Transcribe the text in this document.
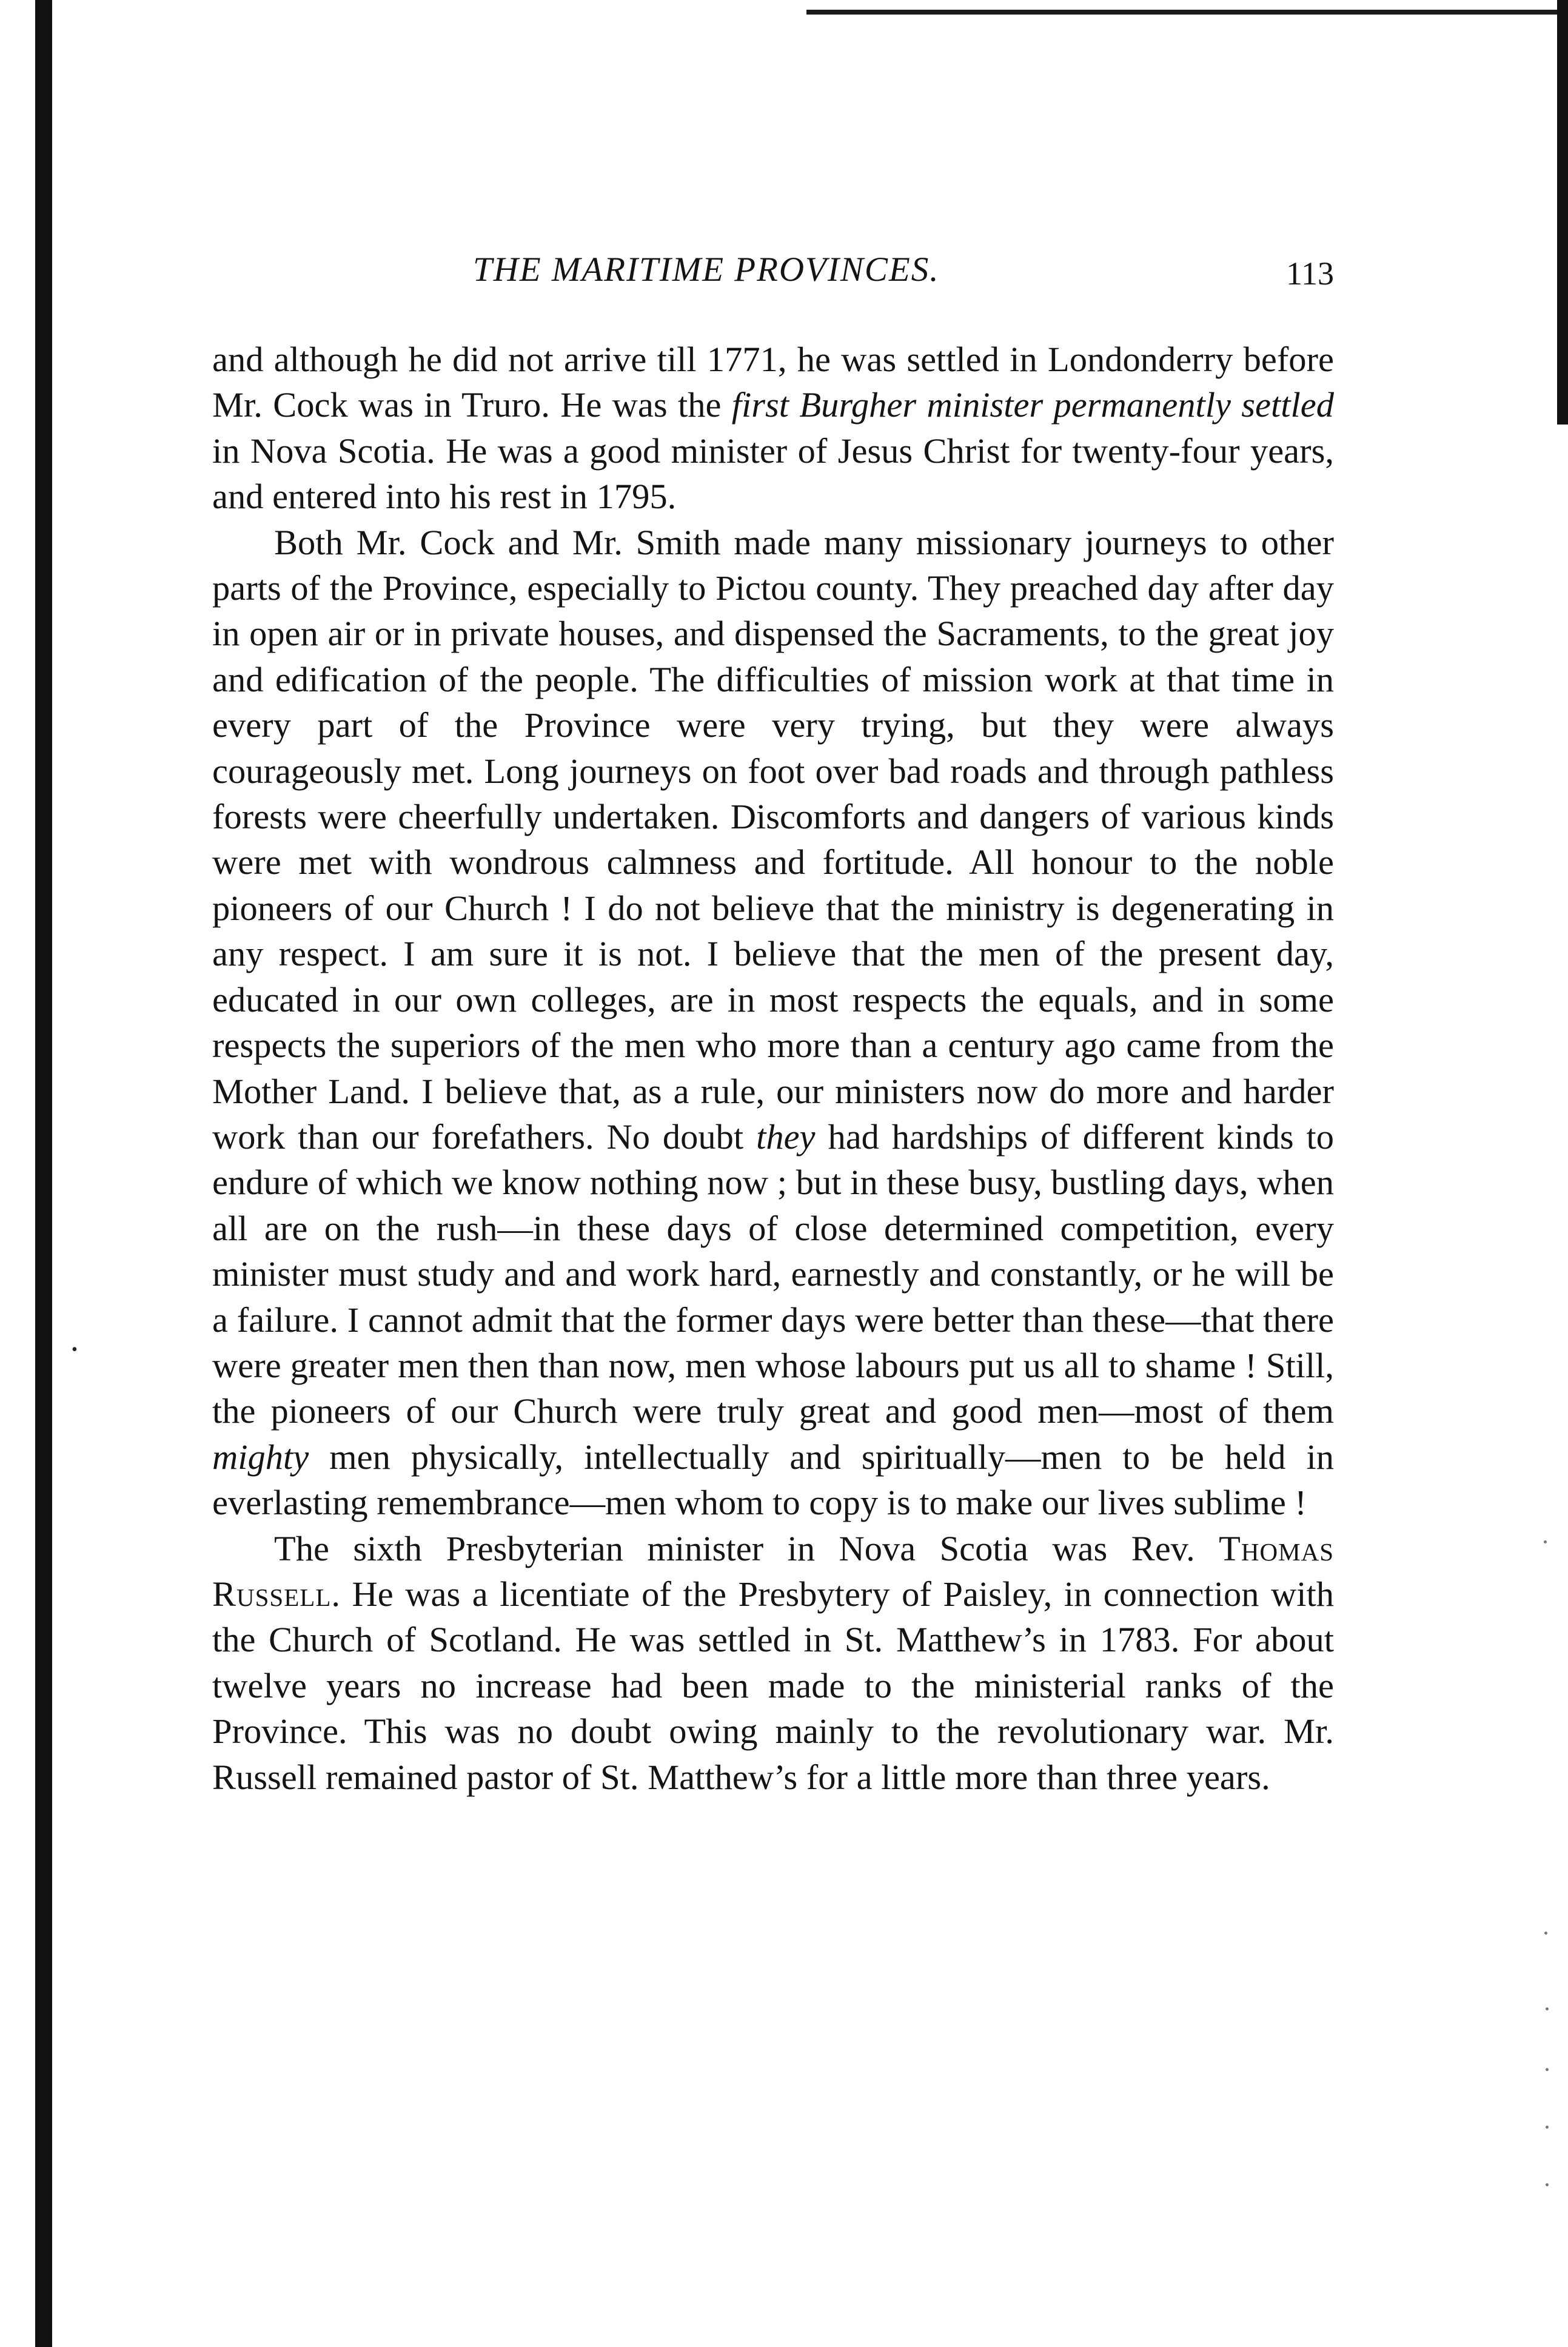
THE MARITIME PROVINCES.	113
•

and although he did not arrive till 1771, he was settled in Londonderry before Mr. Cock was in Truro. He was the first Burgher minister permanently settled in Nova Scotia. He was a good minister of Jesus Christ for twenty-four years, and entered into his rest in 1795.

Both Mr. Cock and Mr. Smith made many missionary journeys to other parts of the Province, especially to Pictou county. They preached day after day in open air or in private houses, and dispensed the Sacraments, to the great joy and edification of the people. The difficulties of mission work at that time in every part of the Province were very trying, but they were always courageously met. Long journeys on foot over bad roads and through pathless forests were cheerfully undertaken. Discomforts and dangers of various kinds were met with wondrous calmness and fortitude. All honour to the noble pioneers of our Church ! I do not believe that the ministry is degenerating in any respect. I am sure it is not. I believe that the men of the present day, educated in our own colleges, are in most respects the equals, and in some respects the superiors of the men who more than a century ago came from the Mother Land. I believe that, as a rule, our ministers now do more and harder work than our forefathers. No doubt they had hardships of different kinds to endure of which we know nothing now ; but in these busy, bustling days, when all are on the rush—in these days of close determined competition, every minister must study and and work hard, earnestly and constantly, or he will be a failure. I cannot admit that the former days were better than these—that there were greater men then than now, men whose labours put us all to shame ! Still, the pioneers of our Church were truly great and good men—most of them mighty men physically, intellectually and spiritually—men to be held in everlasting remembrance—men whom to copy is to make our lives sublime !

The sixth Presbyterian minister in Nova Scotia was Rev. Thomas Russell. He was a licentiate of the Presbytery of Paisley, in connection with the Church of Scotland. He was settled in St. Matthew’s in 1783. For about twelve years no increase had been made to the ministerial ranks of the Province. This was no doubt owing mainly to the revolutionary war. Mr. Russell remained pastor of St. Matthew’s for a little more than three years.
